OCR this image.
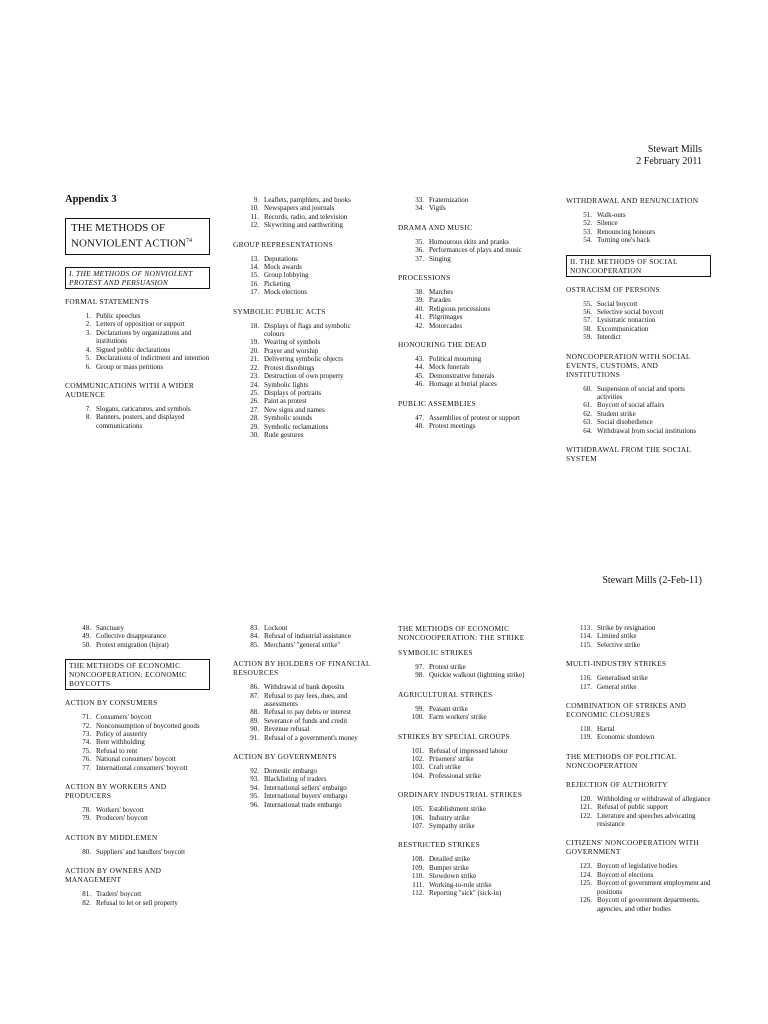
Stewart Mills
2 February 2011
Appendix 3
THE METHODS OF NONVIOLENT ACTION$^{74}$
I. THE METHODS OF NONVIOLENT PROTEST AND PERSUASION
FORMAL STATEMENTS
1. Public speeches
2. Letters of opposition or support
3. Declarations by organizations and institutions
4. Signed public declarations
5. Declarations of indictment and intention
6. Group or mass petitions
COMMUNICATIONS WITH A WIDER AUDIENCE
7. Slogans, caricatures, and symbols
8. Banners, posters, and displayed communications
9. Leaflets, pamphlets, and books
10. Newspapers and journals
11. Records, radio, and television
12. Skywriting and earthwriting
GROUP REPRESENTATIONS
13. Deputations
14. Mock awards
15. Group lobbying
16. Picketing
17. Mock elections
SYMBOLIC PUBLIC ACTS
18. Displays of flags and symbolic colours
19. Wearing of symbols
20. Prayer and worship
21. Delivering symbolic objects
22. Protest disrobings
23. Destruction of own property
24. Symbolic lights
25. Displays of portraits
26. Paint as protest
27. New signs and names
28. Symbolic sounds
29. Symbolic reclamations
30. Rude gestures
33. Fraternization
34. Vigils
DRAMA AND MUSIC
35. Humourous skits and pranks
36. Performances of plays and music
37. Singing
PROCESSIONS
38. Marches
39. Parades
40. Religious processions
41. Pilgrimages
42. Motorcades
HONOURING THE DEAD
43. Political mourning
44. Mock funerals
45. Demonstrative funerals
46. Homage at burial places
PUBLIC ASSEMBLIES
47. Assemblies of protest or support
48. Protest meetings
WITHDRAWAL AND RENUNCIATION
51. Walk-outs
52. Silence
53. Renouncing honours
54. Turning one's back
II. THE METHODS OF SOCIAL NONCOOPERATION
OSTRACISM OF PERSONS
55. Social boycott
56. Selective social boycott
57. Lysistratic nonaction
58. Excommunication
59. Interdict
NONCOOPERATION WITH SOCIAL EVENTS, CUSTOMS, AND INSTITUTIONS
60. Suspension of social and sports activities
61. Boycott of social affairs
62. Student strike
63. Social disobedience
64. Withdrawal from social institutions
WITHDRAWAL FROM THE SOCIAL SYSTEM
Stewart Mills (2-Feb-11)
48. Sanctuary
49. Collective disappearance
50. Protest emigration (hijrat)
THE METHODS OF ECONOMIC NONCOOPERATION: ECONOMIC BOYCOTTS
ACTION BY CONSUMERS
71. Consumers' boycott
72. Nonconsumption of boycotted goods
73. Policy of austerity
74. Rent withholding
75. Refusal to rent
76. National consumers' boycott
77. International consumers' boycott
ACTION BY WORKERS AND PRODUCERS
78. Workers' boycott
79. Producers' boycott
ACTION BY MIDDLEMEN
80. Suppliers' and handlers' boycott
ACTION BY OWNERS AND MANAGEMENT
81. Traders' boycott
82. Refusal to let or sell property
83. Lockout
84. Refusal of industrial assistance
85. Merchants' "general strike"
ACTION BY HOLDERS OF FINANCIAL RESOURCES
86. Withdrawal of bank deposits
87. Refusal to pay fees, dues, and assessments
88. Refusal to pay debts or interest
89. Severance of funds and credit
90. Revenue refusal
91. Refusal of a government's money
ACTION BY GOVERNMENTS
92. Domestic embargo
93. Blacklisting of traders
94. International sellers' embargo
95. International buyers' embargo
96. International trade embargo
THE METHODS OF ECONOMIC NONCOOOPERATION: THE STRIKE
SYMBOLIC STRIKES
97. Protest strike
98. Quickie walkout (lightning strike)
AGRICULTURAL STRIKES
99. Peasant strike
100. Farm workers' strike
STRIKES BY SPECIAL GROUPS
101. Refusal of impressed labour
102. Prisoners' strike
103. Craft strike
104. Professional strike
ORDINARY INDUSTRIAL STRIKES
105. Establishment strike
106. Industry strike
107. Sympathy strike
RESTRICTED STRIKES
108. Detailed strike
109. Bumper strike
110. Slowdown strike
111. Working-to-rule strike
112. Reporting "sick" (sick-in)
113. Strike by resignation
114. Limited strike
115. Selective strike
MULTI-INDUSTRY STRIKES
116. Generalised strike
117. General strike
COMBINATION OF STRIKES AND ECONOMIC CLOSURES
118. Hartal
119. Economic shutdown
THE METHODS OF POLITICAL NONCOOPERATION
REJECTION OF AUTHORITY
120. Withholding or withdrawal of allegiance
121. Refusal of public support
122. Literature and speeches advocating resistance
CITIZENS' NONCOOPERATION WITH GOVERNMENT
123. Boycott of legislative bodies
124. Boycott of elections
125. Boycott of government employment and positions
126. Boycott of government departments, agencies, and other bodies
